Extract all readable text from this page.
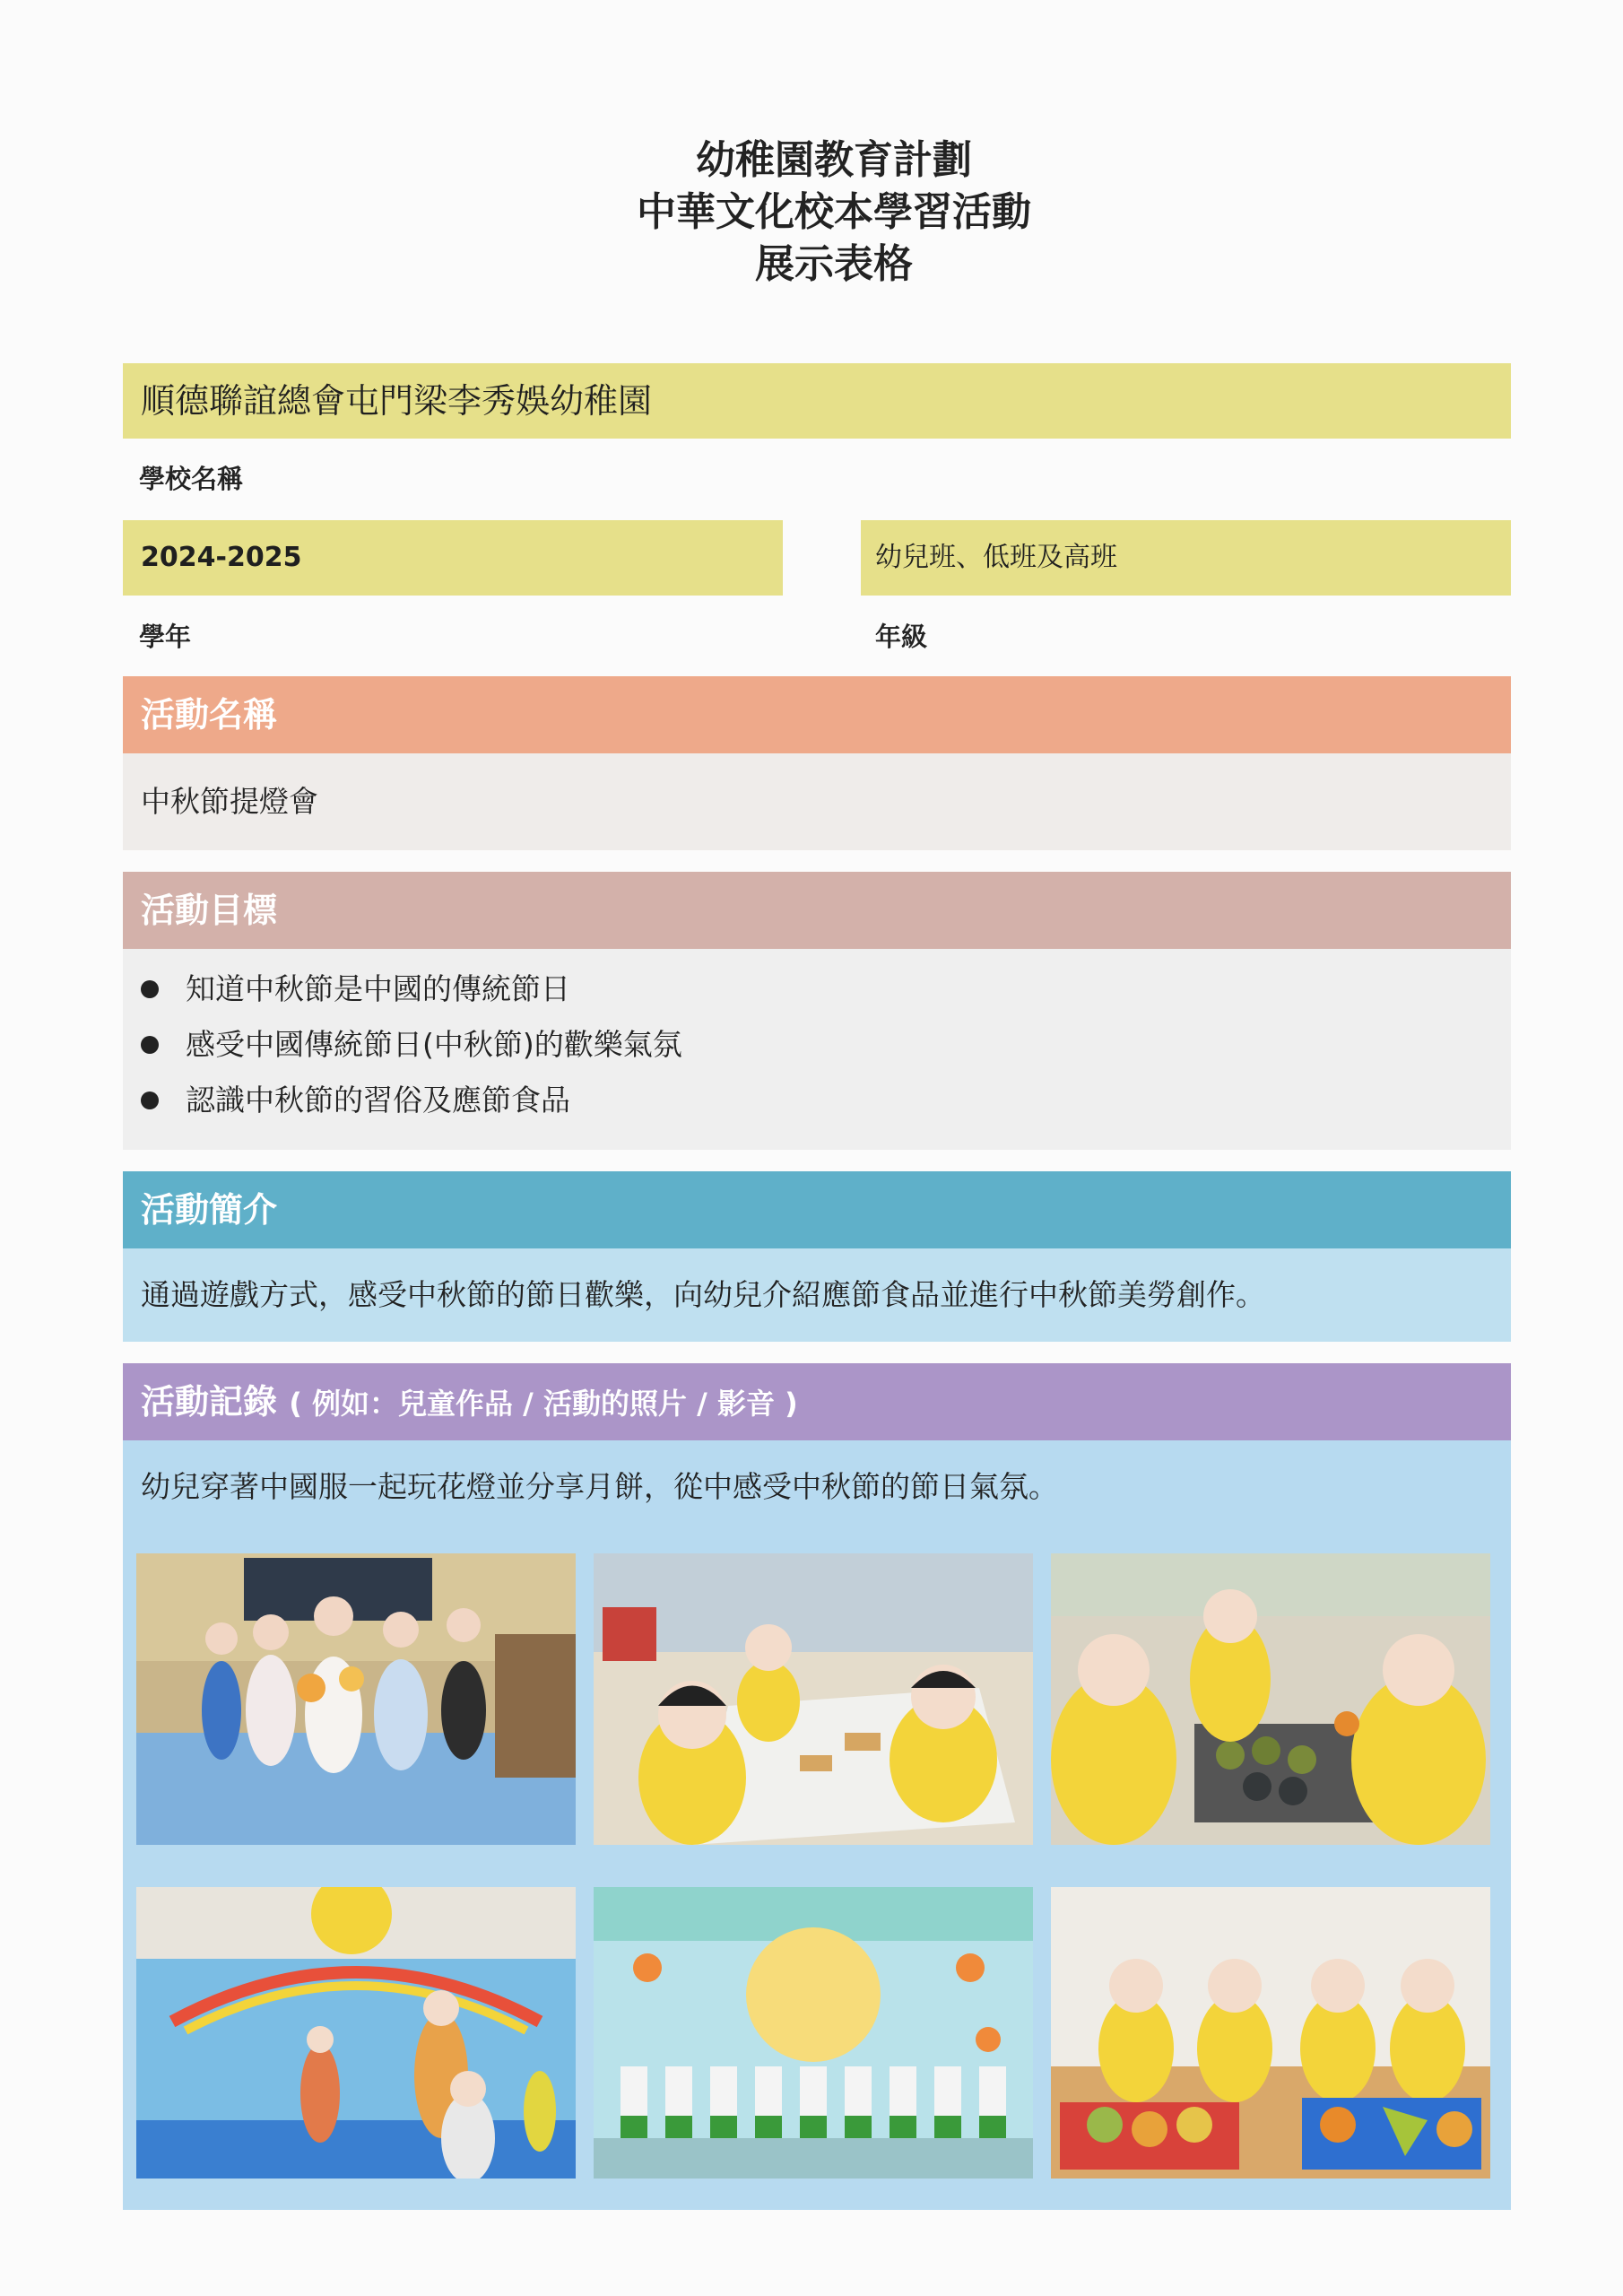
幼稚園教育計劃
中華文化校本學習活動
展示表格
順德聯誼總會屯門梁李秀娛幼稚園
學校名稱
2024-2025	幼兒班、低班及高班
學年	年級
活動名稱
中秋節提燈會
活動目標
知道中秋節是中國的傳統節日
感受中國傳統節日(中秋節)的歡樂氣氛
認識中秋節的習俗及應節食品
活動簡介
通過遊戲方式，感受中秋節的節日歡樂，向幼兒介紹應節食品並進行中秋節美勞創作。
活動記錄 ( 例如：兒童作品 / 活動的照片 / 影音 )
幼兒穿著中國服一起玩花燈並分享月餅，從中感受中秋節的節日氣氛。
